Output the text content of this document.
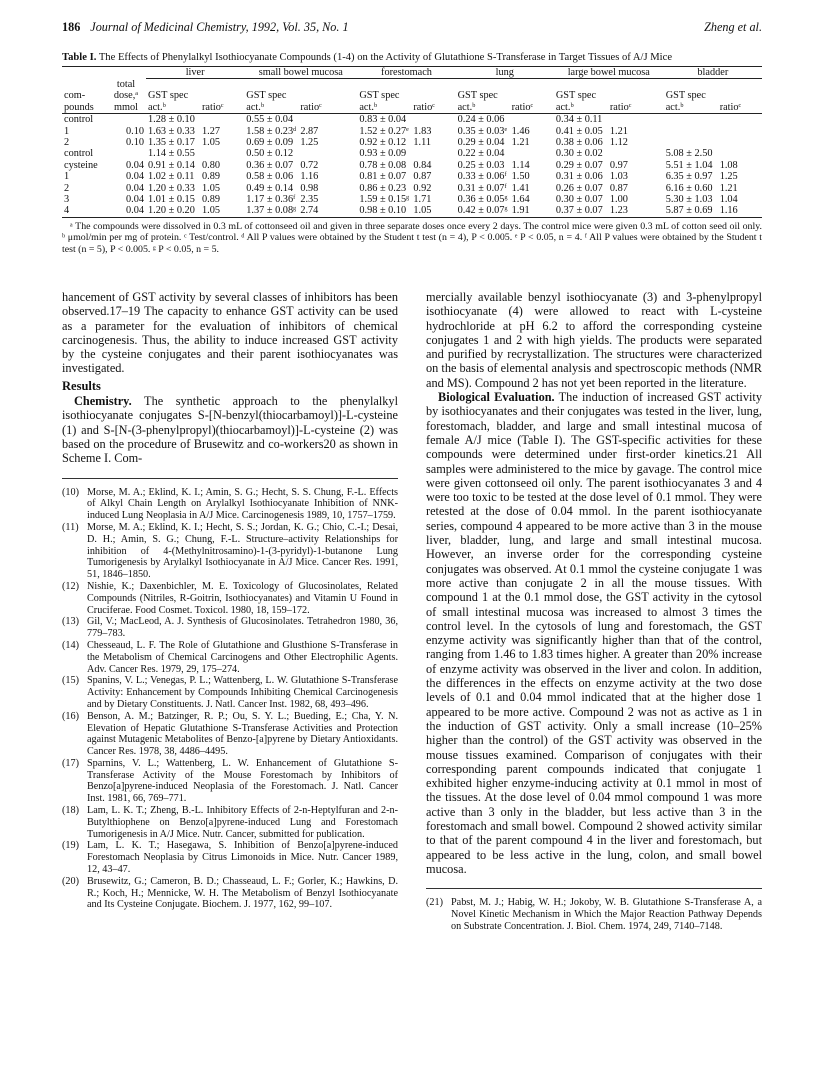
186 Journal of Medicinal Chemistry, 1992, Vol. 35, No. 1	Zheng et al.
Table I. The Effects of Phenylalkyl Isothiocyanate Compounds (1-4) on the Activity of Glutathione S-Transferase in Target Tissues of A/J Mice
		liver		small bowel mucosa		forestomach		lung		large bowel mucosa		bladder	
com- pounds	total dose,ᵃ mmol	GST spec act.ᵇ	ratioᶜ	GST spec act.ᵇ	ratioᶜ	GST spec act.ᵇ	ratioᶜ	GST spec act.ᵇ	ratioᶜ	GST spec act.ᵇ	ratioᶜ	GST spec act.ᵇ	ratioᶜ
control		1.28 ± 0.10		0.55 ± 0.04		0.83 ± 0.04		0.24 ± 0.06		0.34 ± 0.11			
1	0.10	1.63 ± 0.33	1.27	1.58 ± 0.23ᵈ	2.87	1.52 ± 0.27ᵉ	1.83	0.35 ± 0.03ᵉ	1.46	0.41 ± 0.05	1.21		
2	0.10	1.35 ± 0.17	1.05	0.69 ± 0.09	1.25	0.92 ± 0.12	1.11	0.29 ± 0.04	1.21	0.38 ± 0.06	1.12		
control		1.14 ± 0.55		0.50 ± 0.12		0.93 ± 0.09		0.22 ± 0.04		0.30 ± 0.02		5.08 ± 2.50	
cysteine	0.04	0.91 ± 0.14	0.80	0.36 ± 0.07	0.72	0.78 ± 0.08	0.84	0.25 ± 0.03	1.14	0.29 ± 0.07	0.97	5.51 ± 1.04	1.08
1	0.04	1.02 ± 0.11	0.89	0.58 ± 0.06	1.16	0.81 ± 0.07	0.87	0.33 ± 0.06ᶠ	1.50	0.31 ± 0.06	1.03	6.35 ± 0.97	1.25
2	0.04	1.20 ± 0.33	1.05	0.49 ± 0.14	0.98	0.86 ± 0.23	0.92	0.31 ± 0.07ᶠ	1.41	0.26 ± 0.07	0.87	6.16 ± 0.60	1.21
3	0.04	1.01 ± 0.15	0.89	1.17 ± 0.36ᶠ	2.35	1.59 ± 0.15ᵍ	1.71	0.36 ± 0.05ᵍ	1.64	0.30 ± 0.07	1.00	5.30 ± 1.03	1.04
4	0.04	1.20 ± 0.20	1.05	1.37 ± 0.08ᵍ	2.74	0.98 ± 0.10	1.05	0.42 ± 0.07ᵍ	1.91	0.37 ± 0.07	1.23	5.87 ± 0.69	1.16
ᵃ The compounds were dissolved in 0.3 mL of cottonseed oil and given in three separate doses once every 2 days. The control mice were given 0.3 mL of cotton seed oil only. ᵇ μmol/min per mg of protein. ᶜ Test/control. ᵈ All P values were obtained by the Student t test (n = 4), P < 0.005. ᵉ P < 0.05, n = 4. ᶠ All P values were obtained by the Student t test (n = 5), P < 0.005. ᵍ P < 0.05, n = 5.

hancement of GST activity by several classes of inhibitors has been observed.17–19 The capacity to enhance GST activity can be used as a parameter for the evaluation of inhibitors of chemical carcinogenesis. Thus, the ability to induce increased GST activity by the cysteine conjugates and their parent isothiocyanates was investigated.

Results

Chemistry. The synthetic approach to the phenylalkyl isothiocyanate conjugates S-[N-benzyl(thiocarbamoyl)]-L-cysteine (1) and S-[N-(3-phenylpropyl)(thiocarbamoyl)]-L-cysteine (2) was based on the procedure of Brusewitz and co-workers20 as shown in Scheme I. Com-

(10) Morse, M. A.; Eklind, K. I.; Amin, S. G.; Hecht, S. S. Chung, F.-L. Effects of Alkyl Chain Length on Arylalkyl Isothiocyanate Inhibition of NNK-induced Lung Neoplasia in A/J Mice. Carcinogenesis 1989, 10, 1757–1759.
(11) Morse, M. A.; Eklind, K. I.; Hecht, S. S.; Jordan, K. G.; Chio, C.-I.; Desai, D. H.; Amin, S. G.; Chung, F.-L. Structure–activity Relationships for inhibition of 4-(Methylnitrosamino)-1-(3-pyridyl)-1-butanone Lung Tumorigenesis by Arylalkyl Isothiocyanate in A/J Mice. Cancer Res. 1991, 51, 1846–1850.
(12) Nishie, K.; Daxenbichler, M. E. Toxicology of Glucosinolates, Related Compounds (Nitriles, R-Goitrin, Isothiocyanates) and Vitamin U Found in Cruciferae. Food Cosmet. Toxicol. 1980, 18, 159–172.
(13) Gil, V.; MacLeod, A. J. Synthesis of Glucosinolates. Tetrahedron 1980, 36, 779–783.
(14) Chesseaud, L. F. The Role of Glutathione and Glusthione S-Transferase in the Metabolism of Chemical Carcinogens and Other Electrophilic Agents. Adv. Cancer Res. 1979, 29, 175–274.
(15) Spanins, V. L.; Venegas, P. L.; Wattenberg, L. W. Glutathione S-Transferase Activity: Enhancement by Compounds Inhibiting Chemical Carcinogenesis and by Dietary Constituents. J. Natl. Cancer Inst. 1982, 68, 493–496.
(16) Benson, A. M.; Batzinger, R. P.; Ou, S. Y. L.; Bueding, E.; Cha, Y. N. Elevation of Hepatic Glutathione S-Transferase Activities and Protection against Mutagenic Metabolites of Benzo-[a]pyrene by Dietary Antioxidants. Cancer Res. 1978, 38, 4486–4495.
(17) Sparnins, V. L.; Wattenberg, L. W. Enhancement of Glutathione S-Transferase Activity of the Mouse Forestomach by Inhibitors of Benzo[a]pyrene-induced Neoplasia of the Forestomach. J. Natl. Cancer Inst. 1981, 66, 769–771.
(18) Lam, L. K. T.; Zheng, B.-L. Inhibitory Effects of 2-n-Heptylfuran and 2-n-Butylthiophene on Benzo[a]pyrene-induced Lung and Forestomach Tumorigenesis in A/J Mice. Nutr. Cancer, submitted for publication.
(19) Lam, L. K. T.; Hasegawa, S. Inhibition of Benzo[a]pyrene-induced Forestomach Neoplasia by Citrus Limonoids in Mice. Nutr. Cancer 1989, 12, 43–47.
(20) Brusewitz, G.; Cameron, B. D.; Chasseaud, L. F.; Gorler, K.; Hawkins, D. R.; Koch, H.; Mennicke, W. H. The Metabolism of Benzyl Isothiocyanate and Its Cysteine Conjugate. Biochem. J. 1977, 162, 99–107.

mercially available benzyl isothiocyanate (3) and 3-phenylpropyl isothiocyanate (4) were allowed to react with L-cysteine hydrochloride at pH 6.2 to afford the corresponding cysteine conjugates 1 and 2 with high yields. The products were separated and purified by recrystallization. The structures were characterized on the basis of elemental analysis and spectroscopic methods (NMR and MS). Compound 2 has not yet been reported in the literature.

Biological Evaluation. The induction of increased GST activity by isothiocyanates and their conjugates was tested in the liver, lung, forestomach, bladder, and large and small intestinal mucosa of female A/J mice (Table I). The GST-specific activities for these compounds were determined under first-order kinetics.21 All samples were administered to the mice by gavage. The control mice were given cottonseed oil only. The parent isothiocyanates 3 and 4 were too toxic to be tested at the dose level of 0.1 mmol. They were retested at the dose of 0.04 mmol. In the parent isothiocyanate series, compound 4 appeared to be more active than 3 in the mouse liver, bladder, lung, and large and small intestinal mucosa. However, an inverse order for the corresponding cysteine conjugates was observed. At 0.1 mmol the cysteine conjugate 1 was more active than conjugate 2 in all the mouse tissues. With compound 1 at the 0.1 mmol dose, the GST activity in the cytosol of small intestinal mucosa was increased to almost 3 times the control level. In the cytosols of lung and forestomach, the GST enzyme activity was significantly higher than that of the control, ranging from 1.46 to 1.83 times higher. A greater than 20% increase of enzyme activity was observed in the liver and colon. In addition, the differences in the effects on enzyme activity at the two dose levels of 0.1 and 0.04 mmol indicated that at the higher dose 1 appeared to be more active. Compound 2 was not as active as 1 in the induction of GST activity. Only a small increase (10–25% higher than the control) of the GST activity was observed in the mouse tissues examined. Comparison of conjugates with their corresponding parent compounds indicated that conjugate 1 exhibited higher enzyme-inducing activity at 0.1 mmol in most of the tissues. At the dose level of 0.04 mmol compound 1 was more active than 3 only in the bladder, but less active than 3 in the forestomach and small bowel. Compound 2 showed activity similar to that of the parent compound 4 in the liver and forestomach, but appeared to be less active in the lung, colon, and small bowel mucosa.

(21) Pabst, M. J.; Habig, W. H.; Jokoby, W. B. Glutathione S-Transferase A, a Novel Kinetic Mechanism in Which the Major Reaction Pathway Depends on Substrate Concentration. J. Biol. Chem. 1974, 249, 7140–7148.
